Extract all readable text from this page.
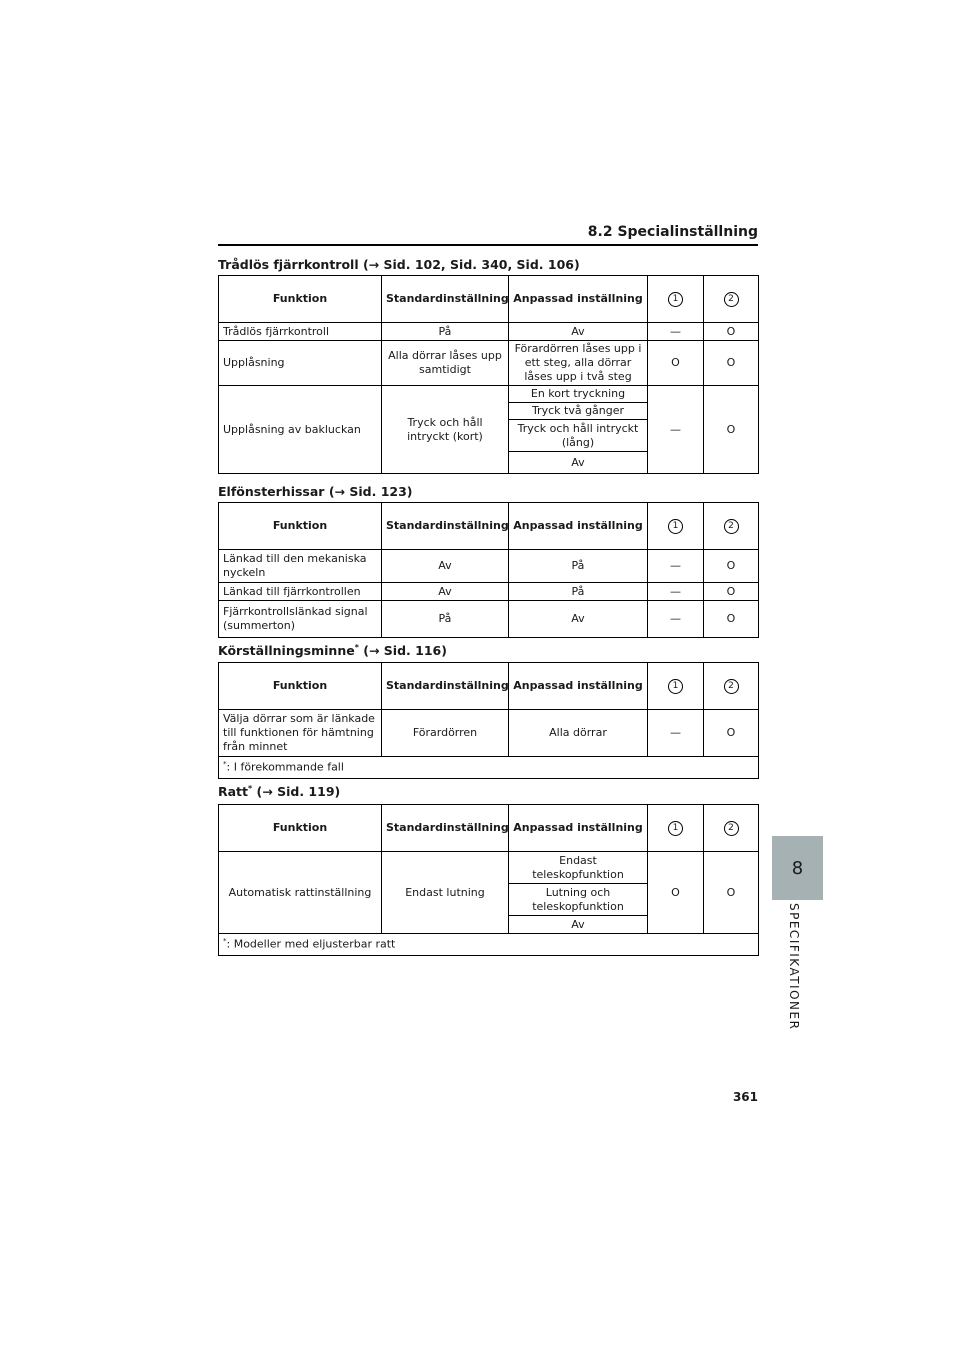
8.2 Specialinställning
8
SPECIFIKATIONER
Trådlös fjärrkontroll (→ Sid. 102, Sid. 340, Sid. 106)
Funktion	Standardinställning	Anpassad inställning	1	2
Trådlös fjärrkontroll	På	Av	—	O
Upplåsning	Alla dörrar låses upp samtidigt	Förardörren låses upp i ett steg, alla dörrar låses upp i två steg	O	O
Upplåsning av bakluckan	Tryck och håll intryckt (kort)	En kort tryckning	—	O
		Tryck två gånger		
		Tryck och håll intryckt (lång)		
		Av		
Elfönsterhissar (→ Sid. 123)
Funktion	Standardinställning	Anpassad inställning	1	2
Länkad till den mekaniska nyckeln	Av	På	—	O
Länkad till fjärrkontrollen	Av	På	—	O
Fjärrkontrollslänkad signal (summerton)	På	Av	—	O
Körställningsminne* (→ Sid. 116)
Funktion	Standardinställning	Anpassad inställning	1	2
Välja dörrar som är länkade till funktionen för hämtning från minnet	Förardörren	Alla dörrar	—	O
*: I förekommande fall				
Ratt* (→ Sid. 119)
Funktion	Standardinställning	Anpassad inställning	1	2
Automatisk rattinställning	Endast lutning	Endast teleskopfunktion	O	O
		Lutning och teleskopfunktion		
		Av		
*: Modeller med eljusterbar ratt				
361
